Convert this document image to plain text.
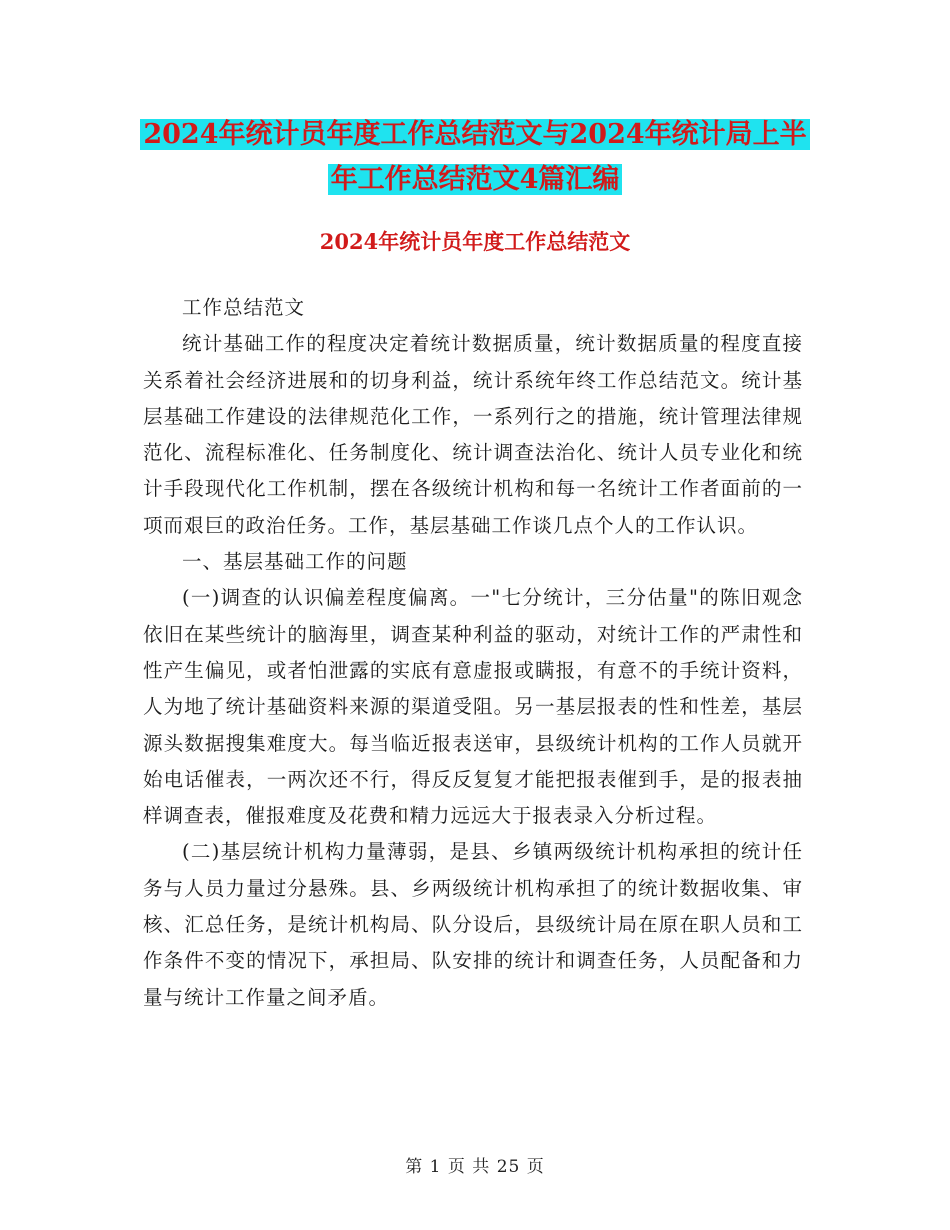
2024年统计员年度工作总结范文与2024年统计局上半
年工作总结范文4篇汇编
2024年统计员年度工作总结范文

工作总结范文

统计基础工作的程度决定着统计数据质量，统计数据质量的程度直接关系着社会经济进展和的切身利益，统计系统年终工作总结范文。统计基层基础工作建设的法律规范化工作，一系列行之的措施，统计管理法律规范化、流程标准化、任务制度化、统计调查法治化、统计人员专业化和统计手段现代化工作机制，摆在各级统计机构和每一名统计工作者面前的一项而艰巨的政治任务。工作，基层基础工作谈几点个人的工作认识。

一、基层基础工作的问题

(一)调查的认识偏差程度偏离。一"七分统计，三分估量"的陈旧观念依旧在某些统计的脑海里，调查某种利益的驱动，对统计工作的严肃性和性产生偏见，或者怕泄露的实底有意虚报或瞒报，有意不的手统计资料，人为地了统计基础资料来源的渠道受阻。另一基层报表的性和性差，基层源头数据搜集难度大。每当临近报表送审，县级统计机构的工作人员就开始电话催表，一两次还不行，得反反复复才能把报表催到手，是的报表抽样调查表，催报难度及花费和精力远远大于报表录入分析过程。

(二)基层统计机构力量薄弱，是县、乡镇两级统计机构承担的统计任务与人员力量过分悬殊。县、乡两级统计机构承担了的统计数据收集、审核、汇总任务，是统计机构局、队分设后，县级统计局在原在职人员和工作条件不变的情况下，承担局、队安排的统计和调查任务，人员配备和力量与统计工作量之间矛盾。

第 1 页 共 25 页
